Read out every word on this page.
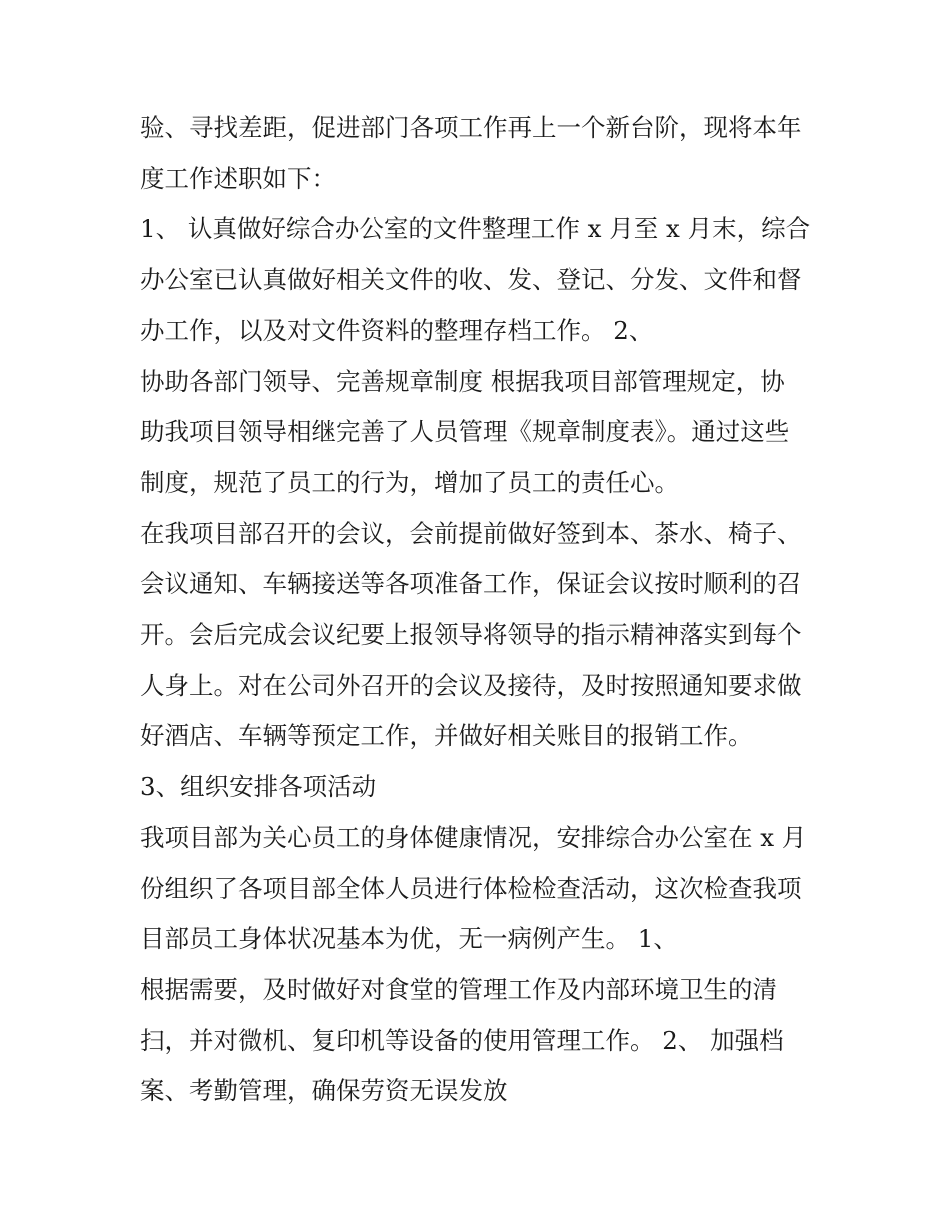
验、寻找差距，促进部门各项工作再上一个新台阶，现将本年
度工作述职如下：
1、 认真做好综合办公室的文件整理工作 x 月至 x 月末，综合
办公室已认真做好相关文件的收、发、登记、分发、文件和督
办工作，以及对文件资料的整理存档工作。 2、
协助各部门领导、完善规章制度 根据我项目部管理规定，协
助我项目领导相继完善了人员管理《规章制度表》。通过这些
制度，规范了员工的行为，增加了员工的责任心。
在我项目部召开的会议，会前提前做好签到本、茶水、椅子、
会议通知、车辆接送等各项准备工作，保证会议按时顺利的召
开。会后完成会议纪要上报领导将领导的指示精神落实到每个
人身上。对在公司外召开的会议及接待，及时按照通知要求做
好酒店、车辆等预定工作，并做好相关账目的报销工作。
3、组织安排各项活动
我项目部为关心员工的身体健康情况，安排综合办公室在 x 月
份组织了各项目部全体人员进行体检检查活动，这次检查我项
目部员工身体状况基本为优，无一病例产生。 1、
根据需要，及时做好对食堂的管理工作及内部环境卫生的清
扫，并对微机、复印机等设备的使用管理工作。 2、 加强档
案、考勤管理，确保劳资无误发放
